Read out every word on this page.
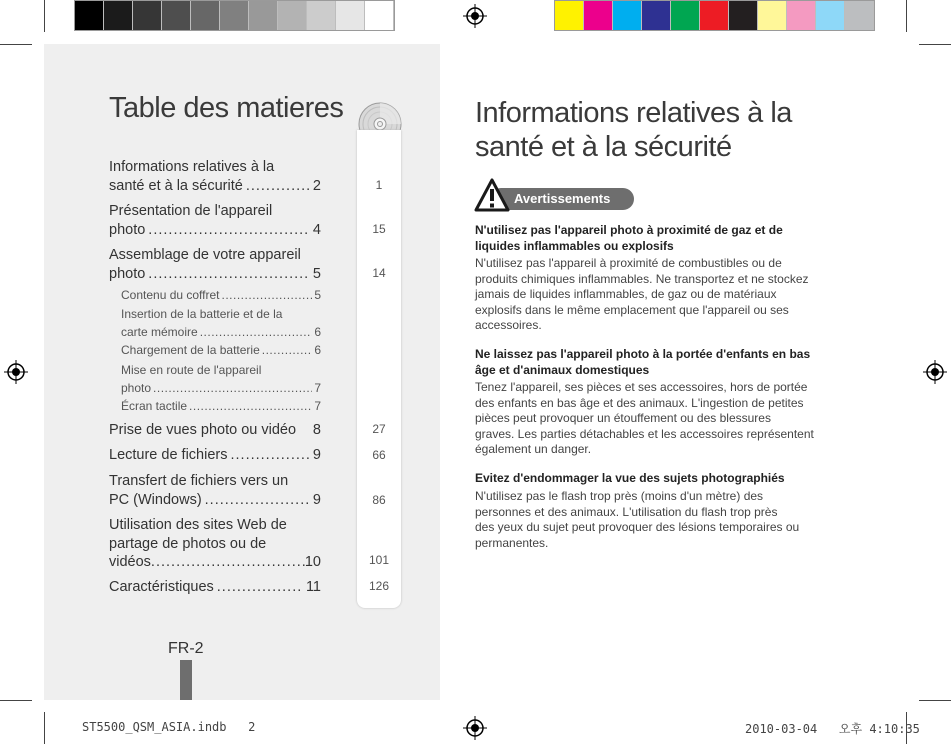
Table des matieres
1
15
14
27
66
86
101
126
Informations relatives à la
santé et à la sécurité .....	2
Présentation de l'appareil
photo .....	4
Assemblage de votre appareil
photo .....	5
Contenu du coffret .....	5
Insertion de la batterie et de la
carte mémoire .....	6
Chargement de la batterie .....	6
Mise en route de l'appareil
photo .....	7
Écran tactile .....	7
Prise de vues photo ou vidéo 8
Lecture de fichiers .....	9
Transfert de fichiers vers un
PC (Windows) .....	9
Utilisation des sites Web de
partage de photos ou de
vidéos .....	10
Caractéristiques .....	11
FR-2
Informations relatives à la
santé et à la sécurité
Avertissements
N'utilisez pas l'appareil photo à proximité de gaz et de
liquides inflammables ou explosifs
N'utilisez pas l'appareil à proximité de combustibles ou de
produits chimiques inflammables. Ne transportez et ne stockez
jamais de liquides inflammables, de gaz ou de matériaux
explosifs dans le même emplacement que l'appareil ou ses
accessoires.
Ne laissez pas l'appareil photo à la portée d'enfants en bas
âge et d'animaux domestiques
Tenez l'appareil, ses pièces et ses accessoires, hors de portée
des enfants en bas âge et des animaux. L'ingestion de petites
pièces peut provoquer un étouffement ou des blessures
graves. Les parties détachables et les accessoires représentent
également un danger.
Evitez d'endommager la vue des sujets photographiés
N'utilisez pas le flash trop près (moins d'un mètre) des
personnes et des animaux. L'utilisation du flash trop près
des yeux du sujet peut provoquer des lésions temporaires ou
permanentes.
ST5500_QSM_ASIA.indb   2	2010-03-04   오후 4:10:35
